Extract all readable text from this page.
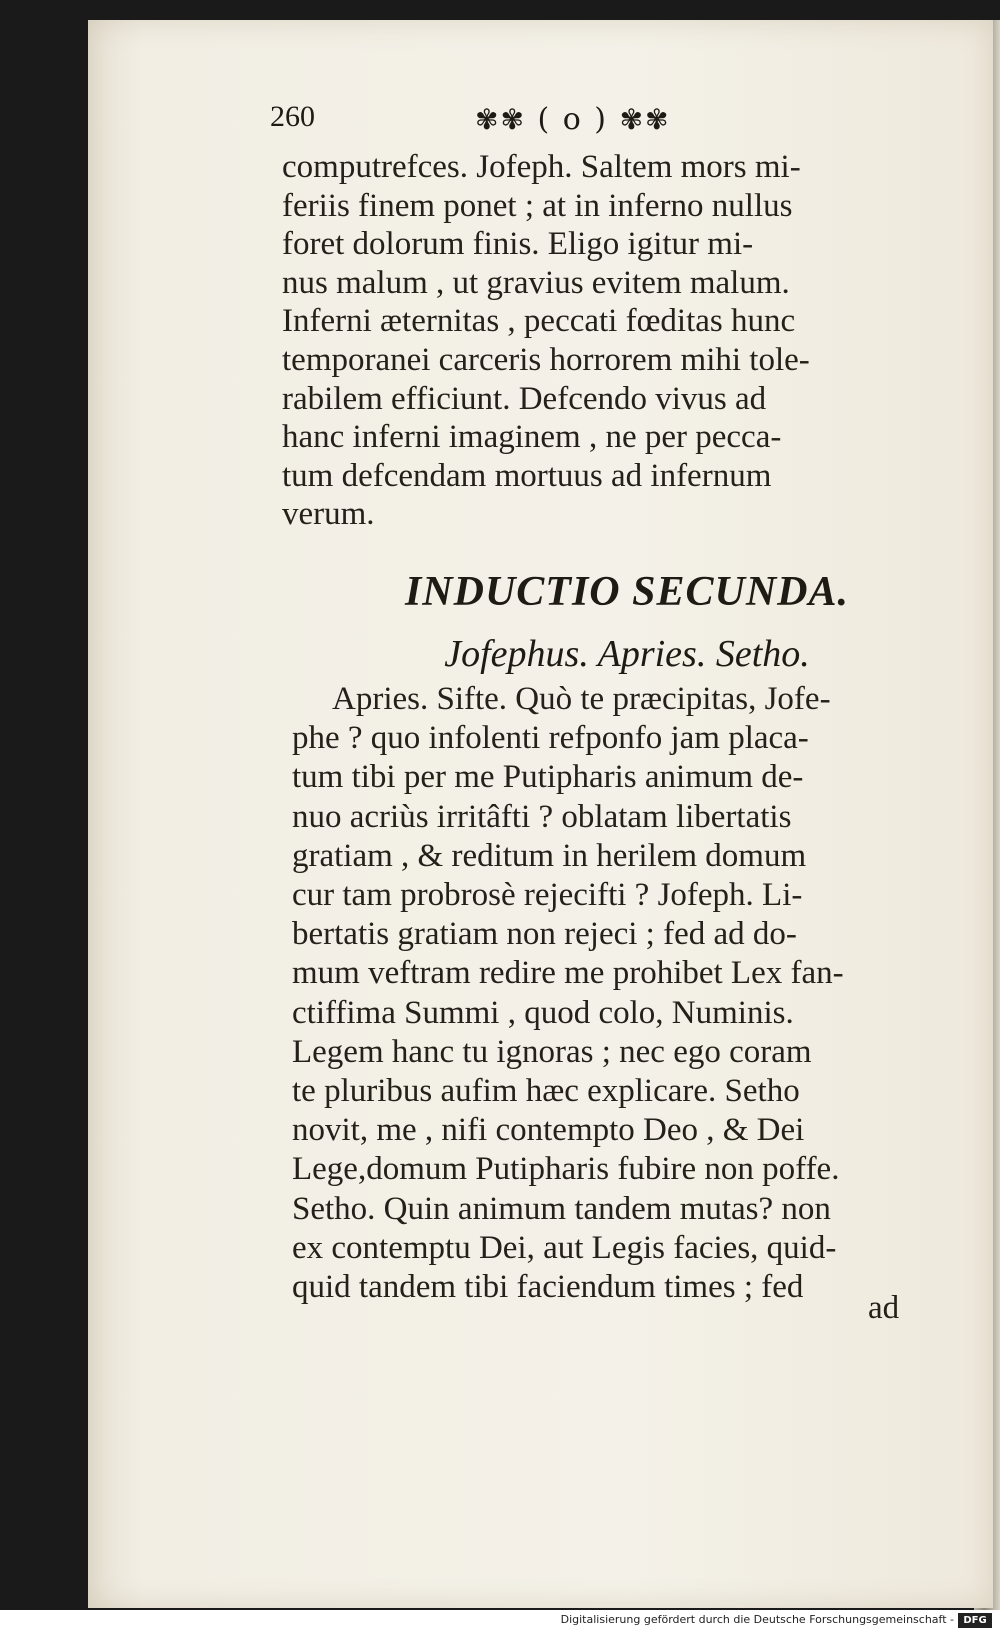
260	✾✾ ( o ) ✾✾
computrefces. Jofeph. Saltem mors mi-
feriis finem ponet ; at in inferno nullus
foret dolorum finis. Eligo igitur mi-
nus malum , ut gravius evitem malum.
Inferni æternitas , peccati fœditas hunc
temporanei carceris horrorem mihi tole-
rabilem efficiunt. Defcendo vivus ad
hanc inferni imaginem , ne per pecca-
tum defcendam mortuus ad infernum
verum.
INDUCTIO SECUNDA.
Jofephus. Apries. Setho.
Apries. Sifte. Quò te præcipitas, Jofe-
phe ? quo infolenti refponfo jam placa-
tum tibi per me Putipharis animum de-
nuo acriùs irritâfti ? oblatam libertatis
gratiam , & reditum in herilem domum
cur tam probrosè rejecifti ? Jofeph. Li-
bertatis gratiam non rejeci ; fed ad do-
mum veftram redire me prohibet Lex fan-
ctiffima Summi , quod colo, Numinis.
Legem hanc tu ignoras ; nec ego coram
te pluribus aufim hæc explicare. Setho
novit, me , nifi contempto Deo , & Dei
Lege,domum Putipharis fubire non poffe.
Setho. Quin animum tandem mutas? non
ex contemptu Dei, aut Legis facies, quid-
quid tandem tibi faciendum times ; fed
ad
Digitalisierung gefördert durch die Deutsche Forschungsgemeinschaft - DFG
